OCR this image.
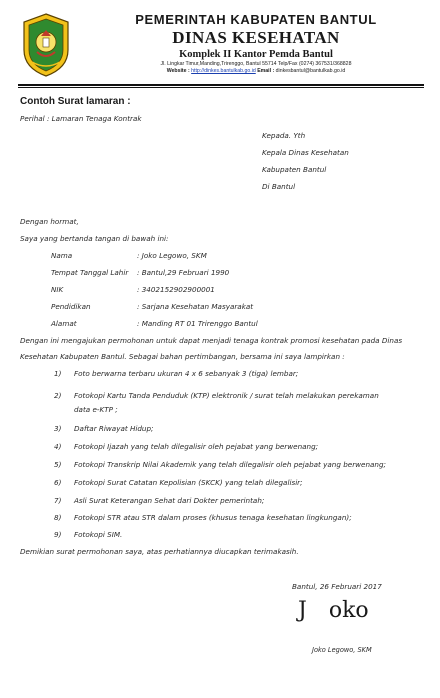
PEMERINTAH KABUPATEN BANTUL
DINAS KESEHATAN
Komplek II Kantor Pemda Bantul
Jl. Lingkar Timur,Manding,Trirenggo, Bantul 55714 Telp/Fax (0274) 367531/368828
Website : http://dinkes.bantulkab.go.id Email : dinkesbantul@bantulkab.go.id
Contoh Surat lamaran :
Perihal : Lamaran Tenaga Kontrak
Kepada. Yth
Kepala Dinas Kesehatan
Kabupaten Bantul
Di Bantul
Dengan hormat,
Saya yang bertanda tangan di bawah ini:
Nama	: Joko Legowo, SKM
Tempat Tanggal Lahir : Bantul,29 Februari 1990
NIK	: 3402152902900001
Pendidikan	: Sarjana Kesehatan Masyarakat
Alamat	: Manding RT 01 Trirenggo Bantul
Dengan ini mengajukan permohonan untuk dapat menjadi tenaga kontrak promosi kesehatan pada Dinas Kesehatan Kabupaten Bantul. Sebagai bahan pertimbangan, bersama ini saya lampirkan :
1) Foto berwarna terbaru ukuran 4 x 6 sebanyak 3 (tiga) lembar;
2) Fotokopi Kartu Tanda Penduduk (KTP) elektronik / surat telah melakukan perekaman
data e-KTP ;
3) Daftar Riwayat Hidup;
4) Fotokopi Ijazah yang telah dilegalisir oleh pejabat yang berwenang;
5) Fotokopi Transkrip Nilai Akademik yang telah dilegalisir oleh pejabat yang berwenang;
6) Fotokopi Surat Catatan Kepolisian (SKCK) yang telah dilegalisir;
7) Asli Surat Keterangan Sehat dari Dokter pemerintah;
8) Fotokopi STR atau STR dalam proses (khusus tenaga kesehatan lingkungan);
9) Fotokopi SIM.
Demikian surat permohonan saya, atas perhatiannya diucapkan terimakasih.
Bantul, 26 Februari 2017
J oko
Joko Legowo, SKM
